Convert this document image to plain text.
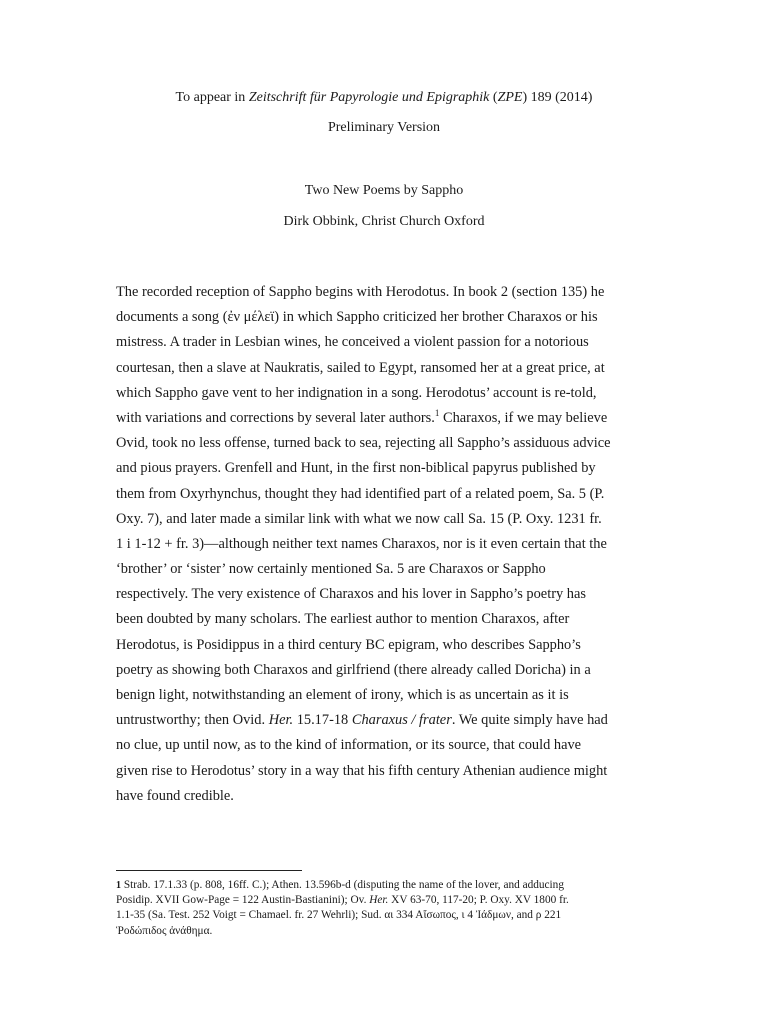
To appear in Zeitschrift für Papyrologie und Epigraphik (ZPE) 189 (2014)
Preliminary Version
Two New Poems by Sappho
Dirk Obbink, Christ Church Oxford
The recorded reception of Sappho begins with Herodotus. In book 2 (section 135) he
documents a song (ἐν μέλεϊ) in which Sappho criticized her brother Charaxos or his
mistress. A trader in Lesbian wines, he conceived a violent passion for a notorious
courtesan, then a slave at Naukratis, sailed to Egypt, ransomed her at a great price, at
which Sappho gave vent to her indignation in a song. Herodotus’ account is re-told,
with variations and corrections by several later authors.$^1$ Charaxos, if we may believe
Ovid, took no less offense, turned back to sea, rejecting all Sappho’s assiduous advice
and pious prayers. Grenfell and Hunt, in the first non-biblical papyrus published by
them from Oxyrhynchus, thought they had identified part of a related poem, Sa. 5 (P.
Oxy. 7), and later made a similar link with what we now call Sa. 15 (P. Oxy. 1231 fr.
1 i 1-12 + fr. 3)—although neither text names Charaxos, nor is it even certain that the
‘brother’ or ‘sister’ now certainly mentioned Sa. 5 are Charaxos or Sappho
respectively. The very existence of Charaxos and his lover in Sappho’s poetry has
been doubted by many scholars. The earliest author to mention Charaxos, after
Herodotus, is Posidippus in a third century BC epigram, who describes Sappho’s
poetry as showing both Charaxos and girlfriend (there already called Doricha) in a
benign light, notwithstanding an element of irony, which is as uncertain as it is
untrustworthy; then Ovid. Her. 15.17-18 Charaxus / frater. We quite simply have had
no clue, up until now, as to the kind of information, or its source, that could have
given rise to Herodotus’ story in a way that his fifth century Athenian audience might
have found credible.
1 Strab. 17.1.33 (p. 808, 16ff. C.); Athen. 13.596b-d (disputing the name of the lover, and adducing
Posidip. XVII Gow-Page = 122 Austin-Bastianini); Ov. Her. XV 63-70, 117-20; P. Oxy. XV 1800 fr.
1.1-35 (Sa. Test. 252 Voigt = Chamael. fr. 27 Wehrli); Sud. αι 334 Αἴσωπος, ι 4 Ἰάδμων, and ρ 221
Ῥοδώπιδος ἀνάθημα.
